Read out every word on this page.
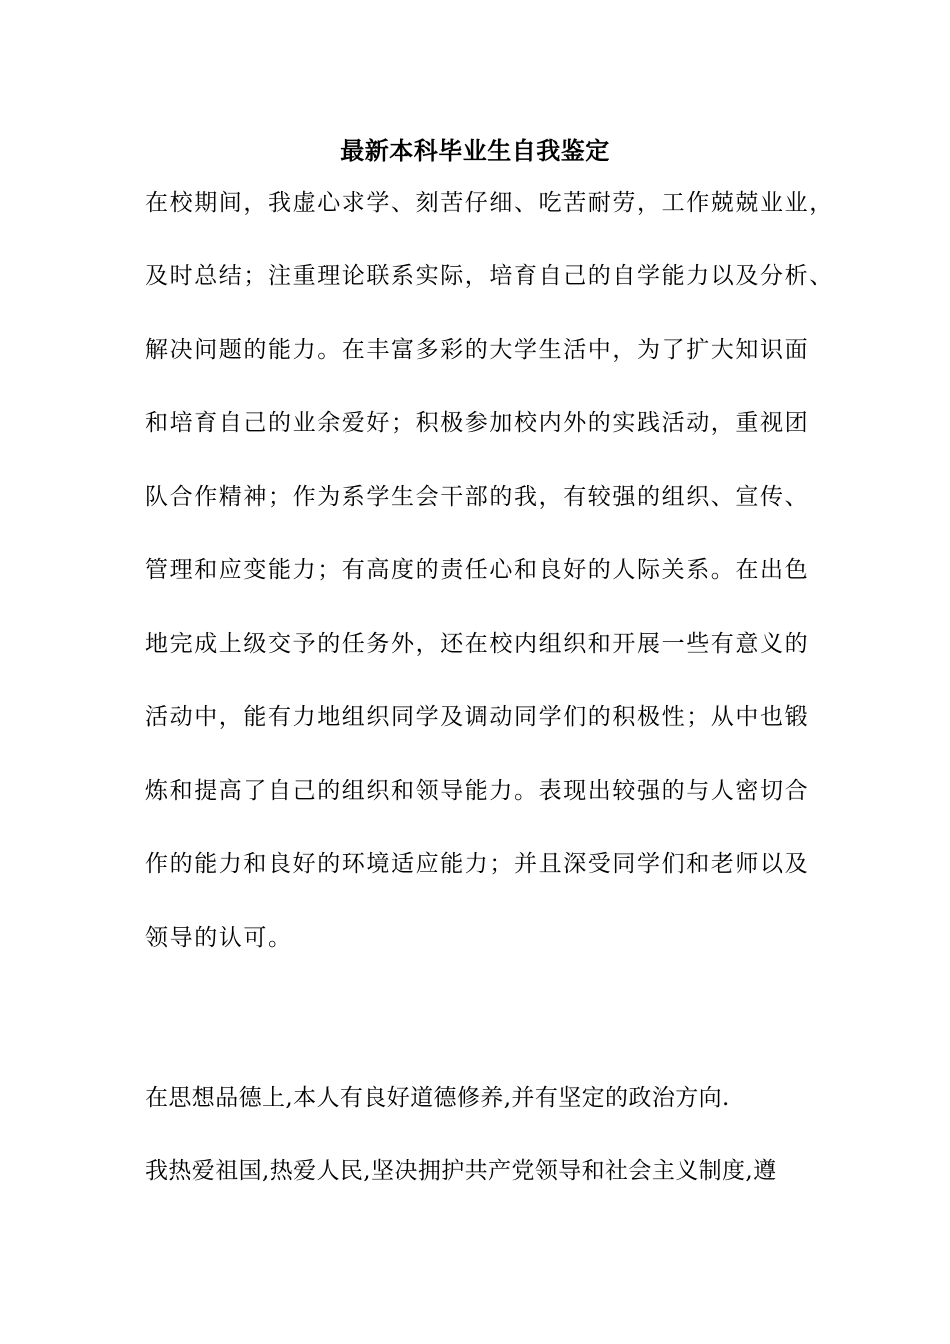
最新本科毕业生自我鉴定
在校期间，我虚心求学、刻苦仔细、吃苦耐劳，工作兢兢业业，
及时总结；注重理论联系实际，培育自己的自学能力以及分析、
解决问题的能力。在丰富多彩的大学生活中，为了扩大知识面
和培育自己的业余爱好；积极参加校内外的实践活动，重视团
队合作精神；作为系学生会干部的我，有较强的组织、宣传、
管理和应变能力；有高度的责任心和良好的人际关系。在出色
地完成上级交予的任务外，还在校内组织和开展一些有意义的
活动中，能有力地组织同学及调动同学们的积极性；从中也锻
炼和提高了自己的组织和领导能力。表现出较强的与人密切合
作的能力和良好的环境适应能力；并且深受同学们和老师以及
领导的认可。
在思想品德上,本人有良好道德修养,并有坚定的政治方向.
我热爱祖国,热爱人民,坚决拥护共产党领导和社会主义制度,遵
